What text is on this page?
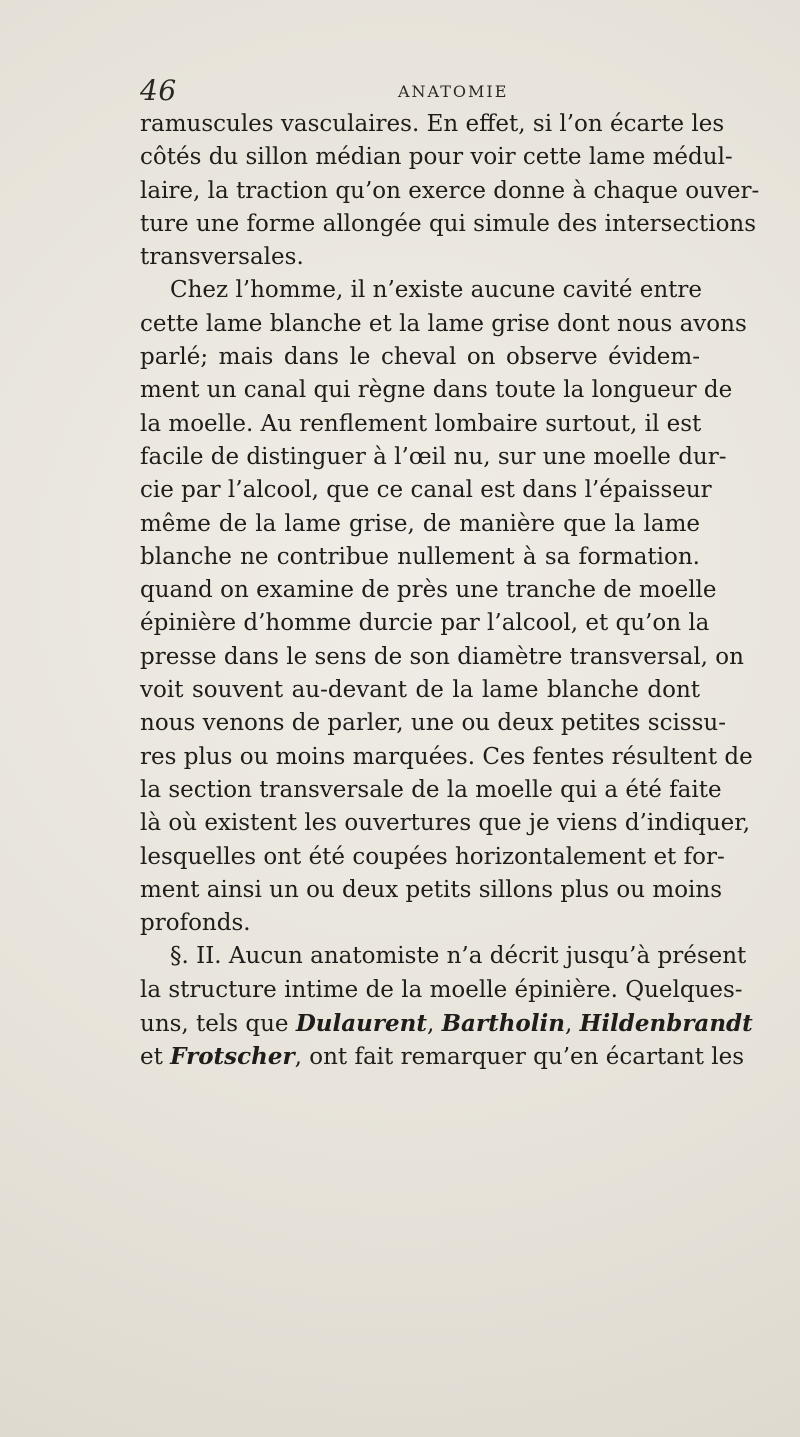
46	ANATOMIE
ramuscules vasculaires. En effet, si l’on écarte les
côtés du sillon médian pour voir cette lame médul-
laire, la traction qu’on exerce donne à chaque ouver-
ture une forme allongée qui simule des intersections
transversales.
Chez l’homme, il n’existe aucune cavité entre
cette lame blanche et la lame grise dont nous avons
parlé; mais dans le cheval on observe évidem-
ment un canal qui règne dans toute la longueur de
la moelle. Au renflement lombaire surtout, il est
facile de distinguer à l’œil nu, sur une moelle dur-
cie par l’alcool, que ce canal est dans l’épaisseur
même de la lame grise, de manière que la lame
blanche ne contribue nullement à sa formation.
quand on examine de près une tranche de moelle
épinière d’homme durcie par l’alcool, et qu’on la
presse dans le sens de son diamètre transversal, on
voit souvent au-devant de la lame blanche dont
nous venons de parler, une ou deux petites scissu-
res plus ou moins marquées. Ces fentes résultent de
la section transversale de la moelle qui a été faite
là où existent les ouvertures que je viens d’indiquer,
lesquelles ont été coupées horizontalement et for-
ment ainsi un ou deux petits sillons plus ou moins
profonds.
§. II. Aucun anatomiste n’a décrit jusqu’à présent
la structure intime de la moelle épinière. Quelques-
uns, tels que Dulaurent, Bartholin, Hildenbrandt
et Frotscher, ont fait remarquer qu’en écartant les
